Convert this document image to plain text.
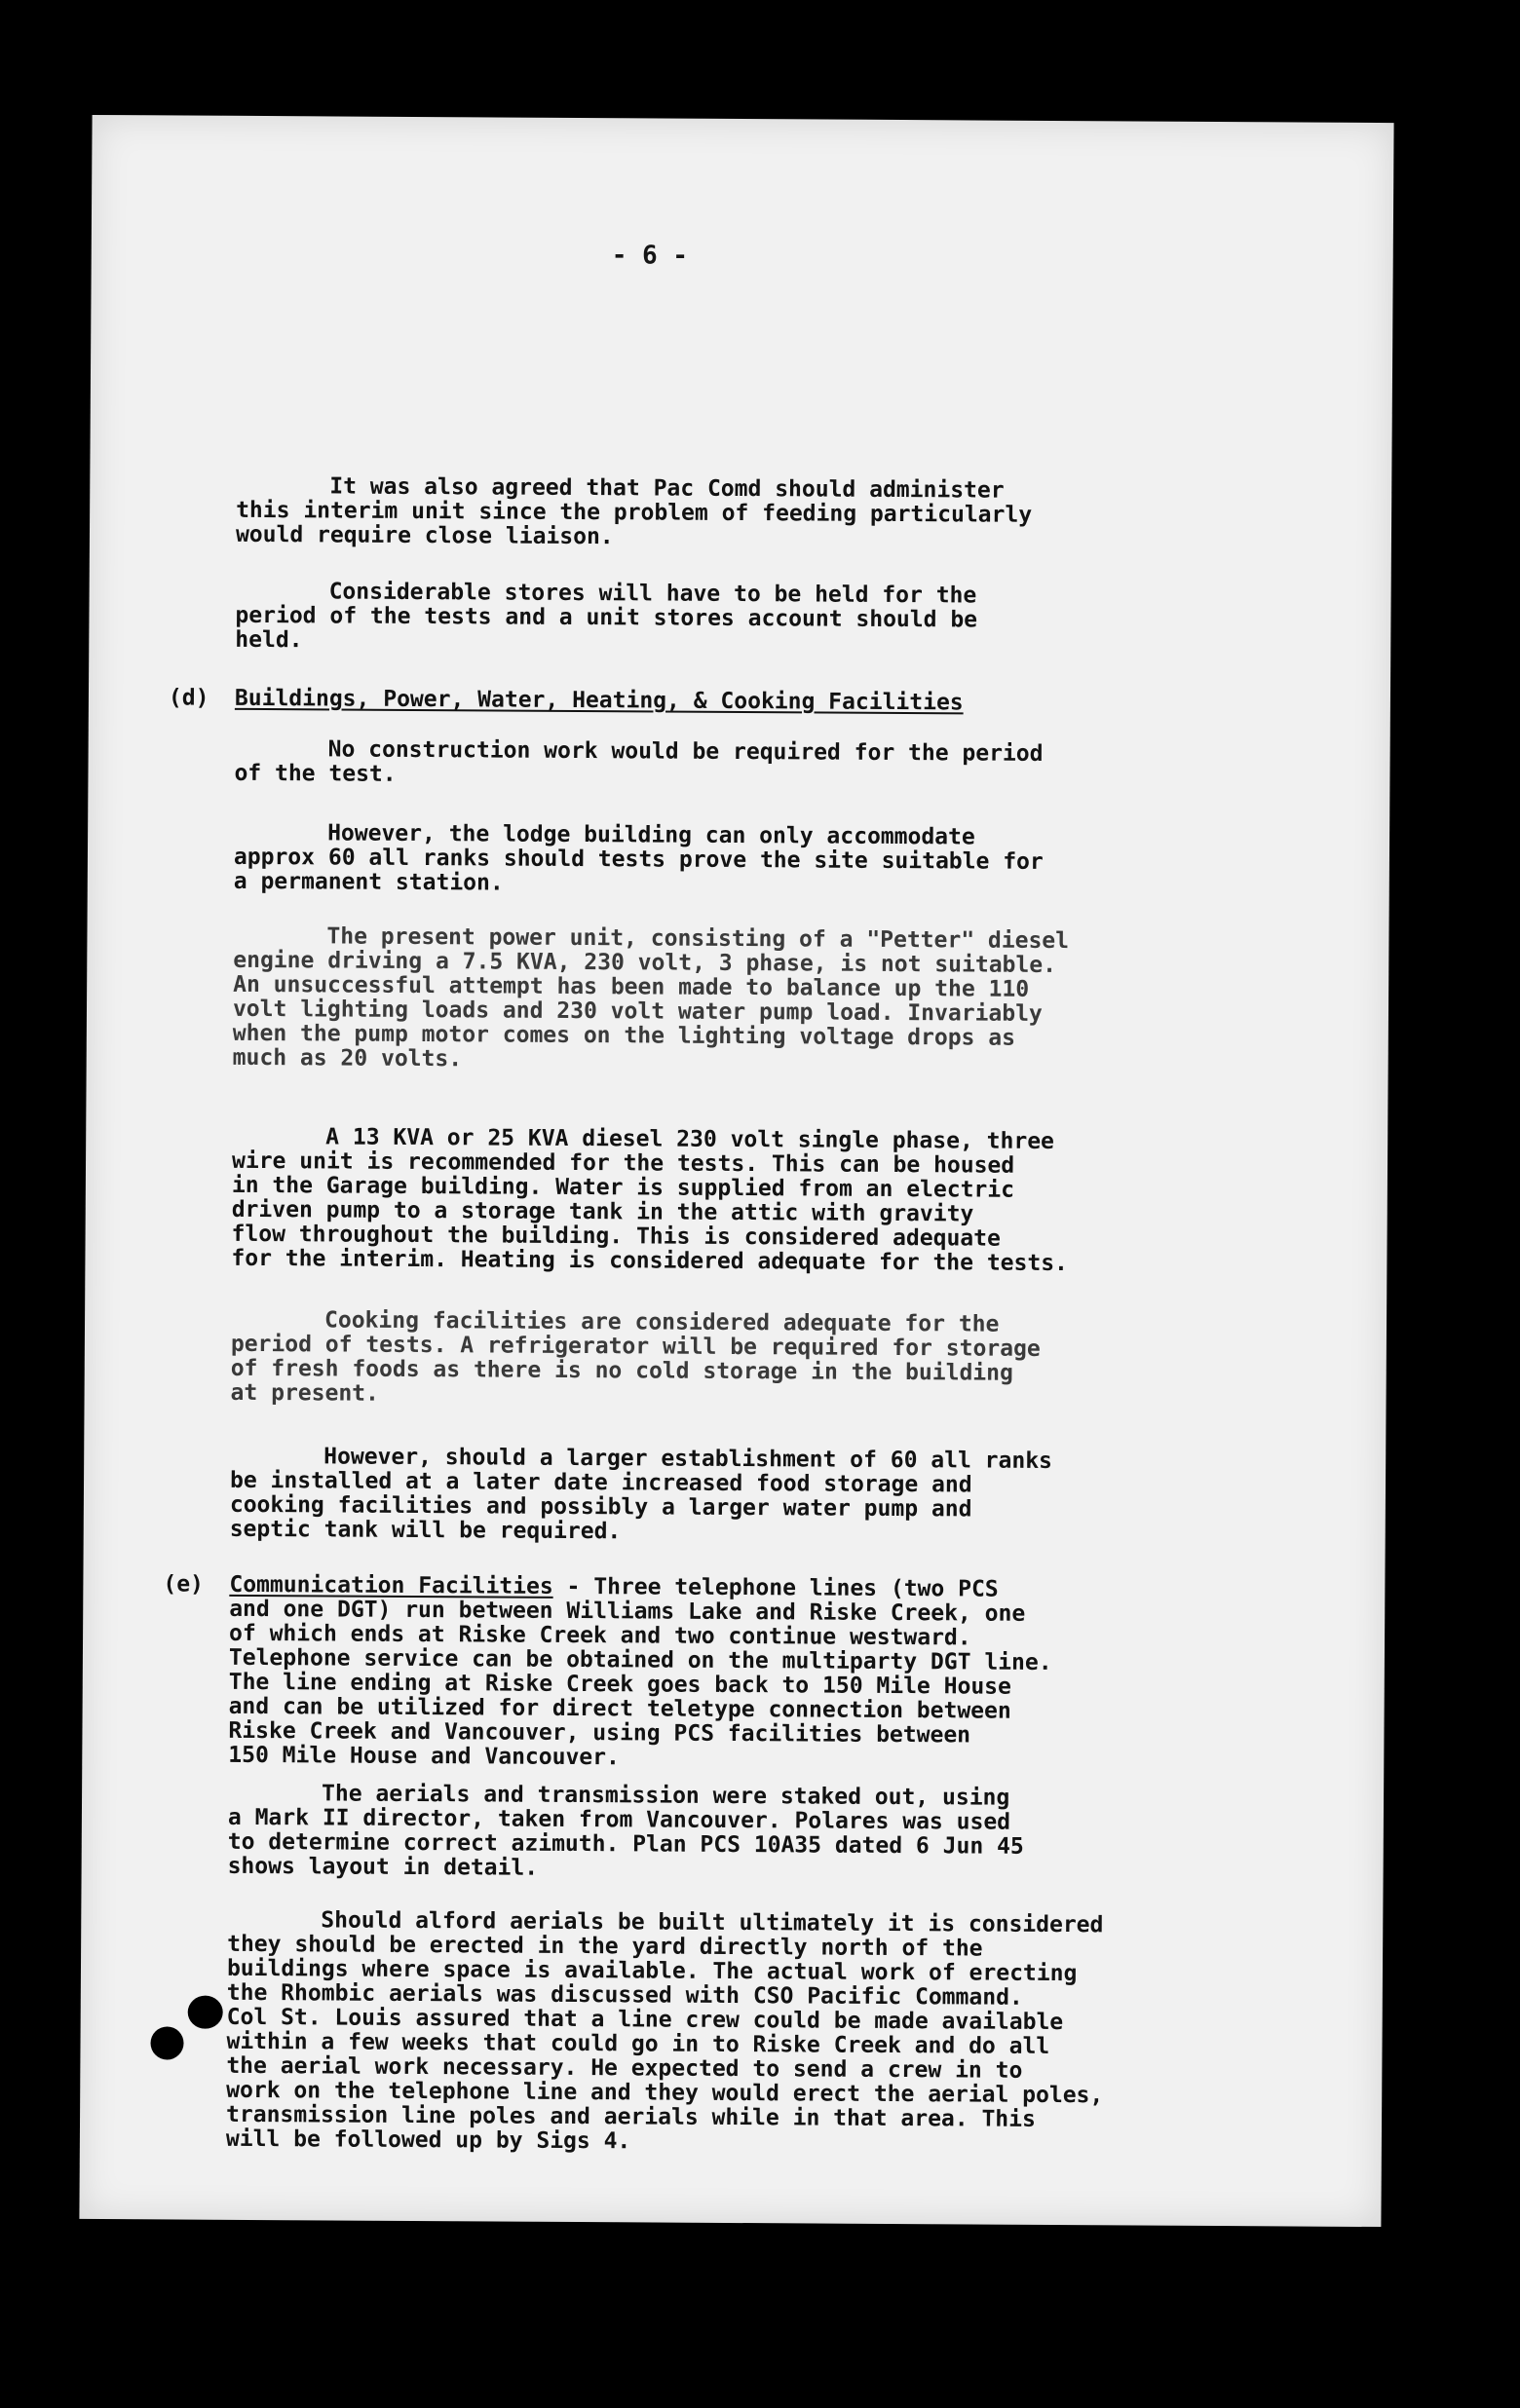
- 6 -
It was also agreed that Pac Comd should administer
this interim unit since the problem of feeding particularly
would require close liaison.
Considerable stores will have to be held for the
period of the tests and a unit stores account should be
held.
(d) Buildings, Power, Water, Heating, & Cooking Facilities
No construction work would be required for the period
of the test.
However, the lodge building can only accommodate
approx 60 all ranks should tests prove the site suitable for
a permanent station.
The present power unit, consisting of a "Petter" diesel
engine driving a 7.5 KVA, 230 volt, 3 phase, is not suitable.
An unsuccessful attempt has been made to balance up the 110
volt lighting loads and 230 volt water pump load. Invariably
when the pump motor comes on the lighting voltage drops as
much as 20 volts.
A 13 KVA or 25 KVA diesel 230 volt single phase, three
wire unit is recommended for the tests. This can be housed
in the Garage building. Water is supplied from an electric
driven pump to a storage tank in the attic with gravity
flow throughout the building. This is considered adequate
for the interim. Heating is considered adequate for the tests.
Cooking facilities are considered adequate for the
period of tests. A refrigerator will be required for storage
of fresh foods as there is no cold storage in the building
at present.
However, should a larger establishment of 60 all ranks
be installed at a later date increased food storage and
cooking facilities and possibly a larger water pump and
septic tank will be required.
(e) Communication Facilities - Three telephone lines (two PCS
and one DGT) run between Williams Lake and Riske Creek, one
of which ends at Riske Creek and two continue westward.
Telephone service can be obtained on the multiparty DGT line.
The line ending at Riske Creek goes back to 150 Mile House
and can be utilized for direct teletype connection between
Riske Creek and Vancouver, using PCS facilities between
150 Mile House and Vancouver.
The aerials and transmission were staked out, using
a Mark II director, taken from Vancouver. Polares was used
to determine correct azimuth. Plan PCS 10A35 dated 6 Jun 45
shows layout in detail.
Should alford aerials be built ultimately it is considered
they should be erected in the yard directly north of the
buildings where space is available. The actual work of erecting
the Rhombic aerials was discussed with CSO Pacific Command.
Col St. Louis assured that a line crew could be made available
within a few weeks that could go in to Riske Creek and do all
the aerial work necessary. He expected to send a crew in to
work on the telephone line and they would erect the aerial poles,
transmission line poles and aerials while in that area. This
will be followed up by Sigs 4.
